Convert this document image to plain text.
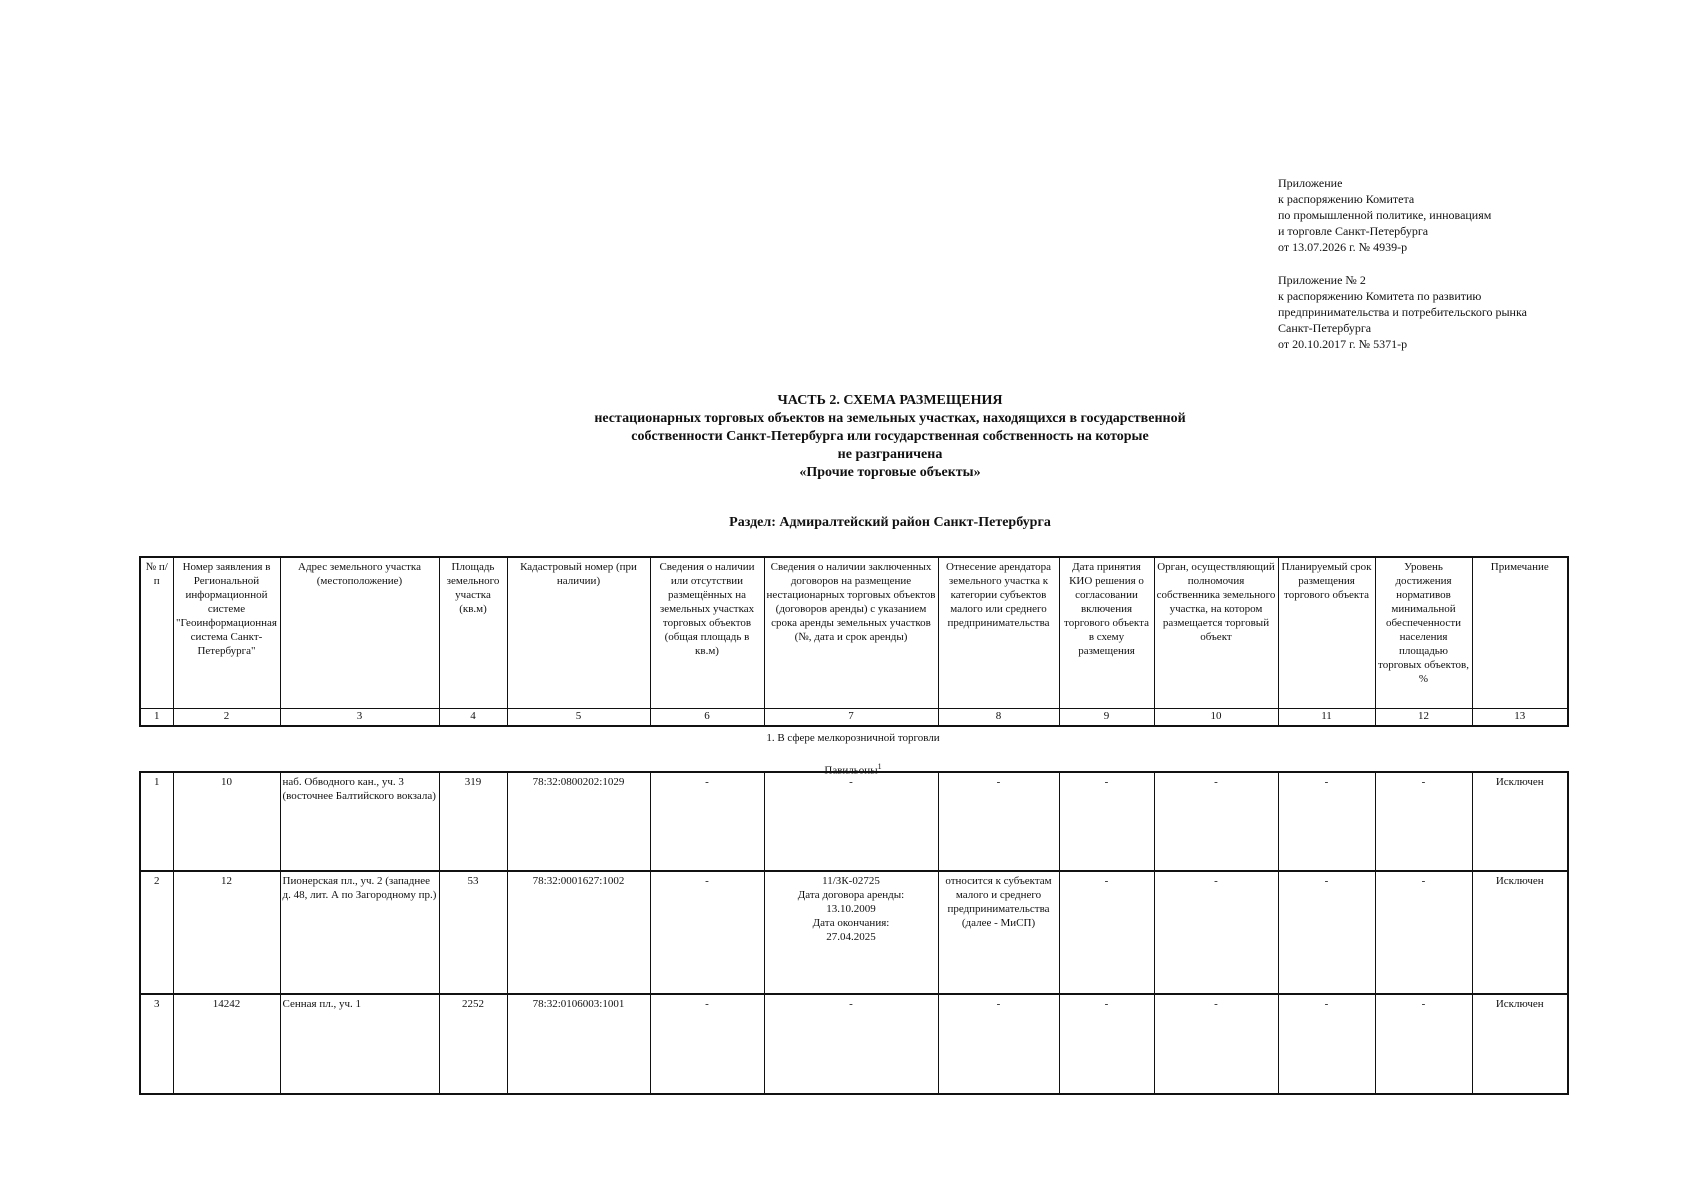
Приложение
к распоряжению Комитета
по промышленной политике, инновациям
и торговле Санкт-Петербурга
от 13.07.2026 г. № 4939-р
Приложение № 2
к распоряжению Комитета по развитию
предпринимательства и потребительского рынка
Санкт-Петербурга
от 20.10.2017 г. № 5371-р
ЧАСТЬ 2. СХЕМА РАЗМЕЩЕНИЯ
нестационарных торговых объектов на земельных участках, находящихся в государственной
собственности Санкт-Петербурга или государственная собственность на которые
не разграничена
«Прочие торговые объекты»
Раздел: Адмиралтейский район Санкт-Петербурга
№ п/п	Номер заявления в Региональной информационной системе "Геоинформационная система Санкт-Петербурга"	Адрес земельного участка (местоположение)	Площадь земельного участка (кв.м)	Кадастровый номер (при наличии)	Сведения о наличии или отсутствии размещённых на земельных участках торговых объектов (общая площадь в кв.м)	Сведения о наличии заключенных договоров на размещение нестационарных торговых объектов (договоров аренды) с указанием срока аренды земельных участков (№, дата и срок аренды)	Отнесение арендатора земельного участка к категории субъектов малого или среднего предпринимательства	Дата принятия КИО решения о согласовании включения торгового объекта в схему размещения	Орган, осуществляющий полномочия собственника земельного участка, на котором размещается торговый объект	Планируемый срок размещения торгового объекта	Уровень достижения нормативов минимальной обеспеченности населения площадью торговых объектов, %	Примечание
1	2	3	4	5	6	7	8	9	10	11	12	13
1. В сфере мелкорозничной торговли
Павильоны$^1$
1	10	наб. Обводного кан., уч. 3 (восточнее Балтийского вокзала)	319	78:32:0800202:1029	-	-	-	-	-	-	-	Исключен
2	12	Пионерская пл., уч. 2 (западнее д. 48, лит. А по Загородному пр.)	53	78:32:0001627:1002	-	11/ЗК-02725
Дата договора аренды:
13.10.2009
Дата окончания:
27.04.2025	относится к субъектам малого и среднего предпринимательства (далее - МиСП)	-	-	-	-	Исключен
3	14242	Сенная пл., уч. 1	2252	78:32:0106003:1001	-	-	-	-	-	-	-	Исключен
